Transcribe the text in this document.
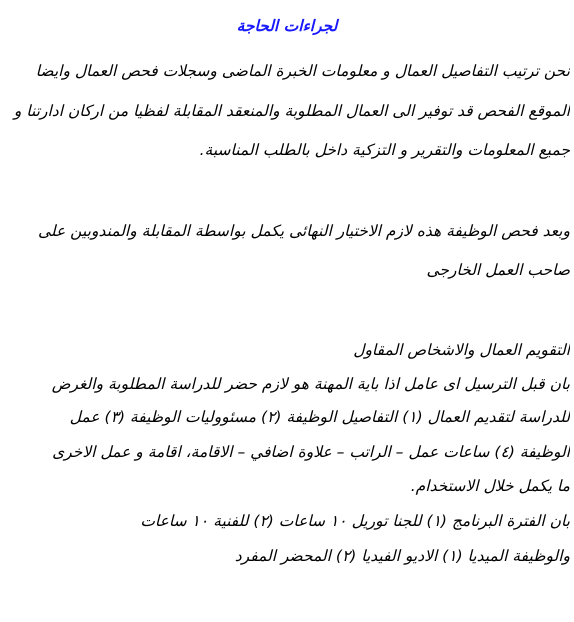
لجراءات الحاجة
نحن ترتيب التفاصيل العمال و معلومات الخبرة الماضى وسجلات فحص العمال وايضا
الموقع الفحص قد توفير الى العمال المطلوبة والمنعقد المقابلة لفظيا من اركان ادارتنا و
جميع المعلومات والتقرير و التزكية داخل بالطلب المناسبة.
وبعد فحص الوظيفة هذه لازم الاختيار النهائى يكمل بواسطة المقابلة والمندوبين على
صاحب العمل الخارجى
التقويم العمال والاشخاص المقاول
بان قبل الترسيل اى عامل اذا باية المهنة هو لازم حضر للدراسة المطلوبة والغرض
للدراسة لتقديم العمال (١) التفاصيل الوظيفة (٢) مسئووليات الوظيفة (٣) عمل
الوظيفة (٤) ساعات عمل – الراتب – علاوة اضافي – الاقامة، اقامة و عمل الاخرى
ما يكمل خلال الاستخدام.
بان الفترة البرنامج (١) للجنا توريل ١٠ ساعات (٢) للفنية ١٠ ساعات
والوظيفة الميديا (١) الاديو الفيديا (٢) المحضر المفرد
